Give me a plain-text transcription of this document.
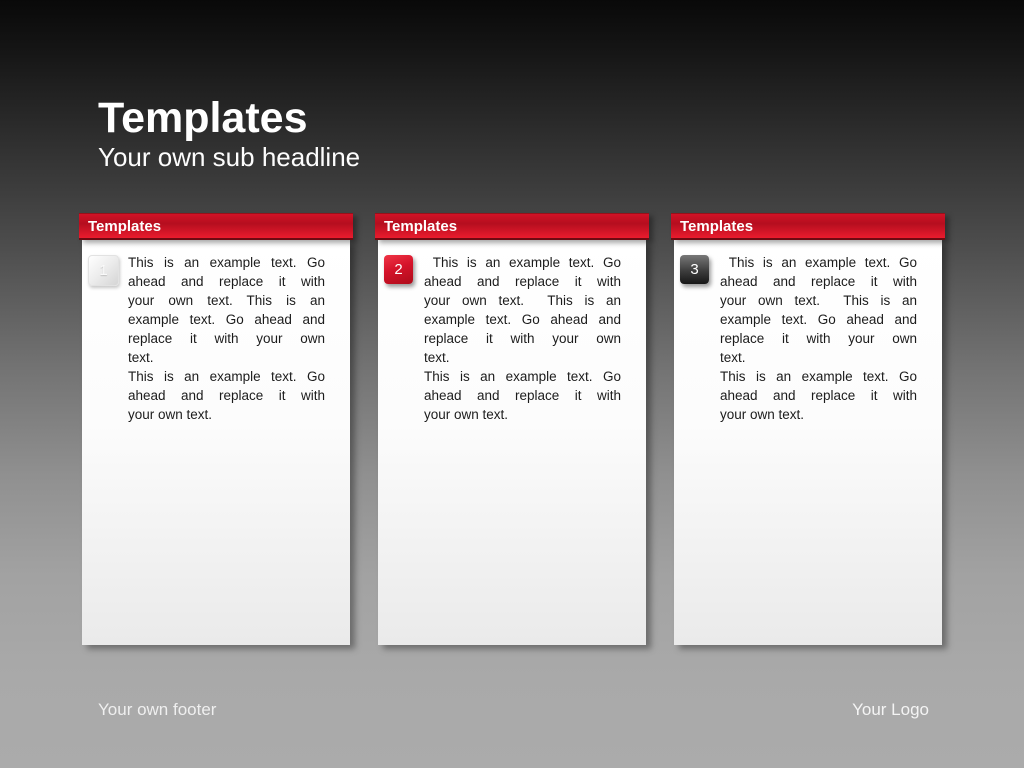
Templates
Your own sub headline
Templates
1	This is an example text. Go
ahead and replace it with
your own text. This is an
example text. Go ahead and
replace it with your own
text.
This is an example text. Go
ahead and replace it with
your own text.
Templates
2	This is an example text. Go
ahead and replace it with
your own text.  This is an
example text. Go ahead and
replace it with your own
text.
This is an example text. Go
ahead and replace it with
your own text.
Templates
3	This is an example text. Go
ahead and replace it with
your own text.  This is an
example text. Go ahead and
replace it with your own
text.
This is an example text. Go
ahead and replace it with
your own text.
Your own footer	Your Logo
